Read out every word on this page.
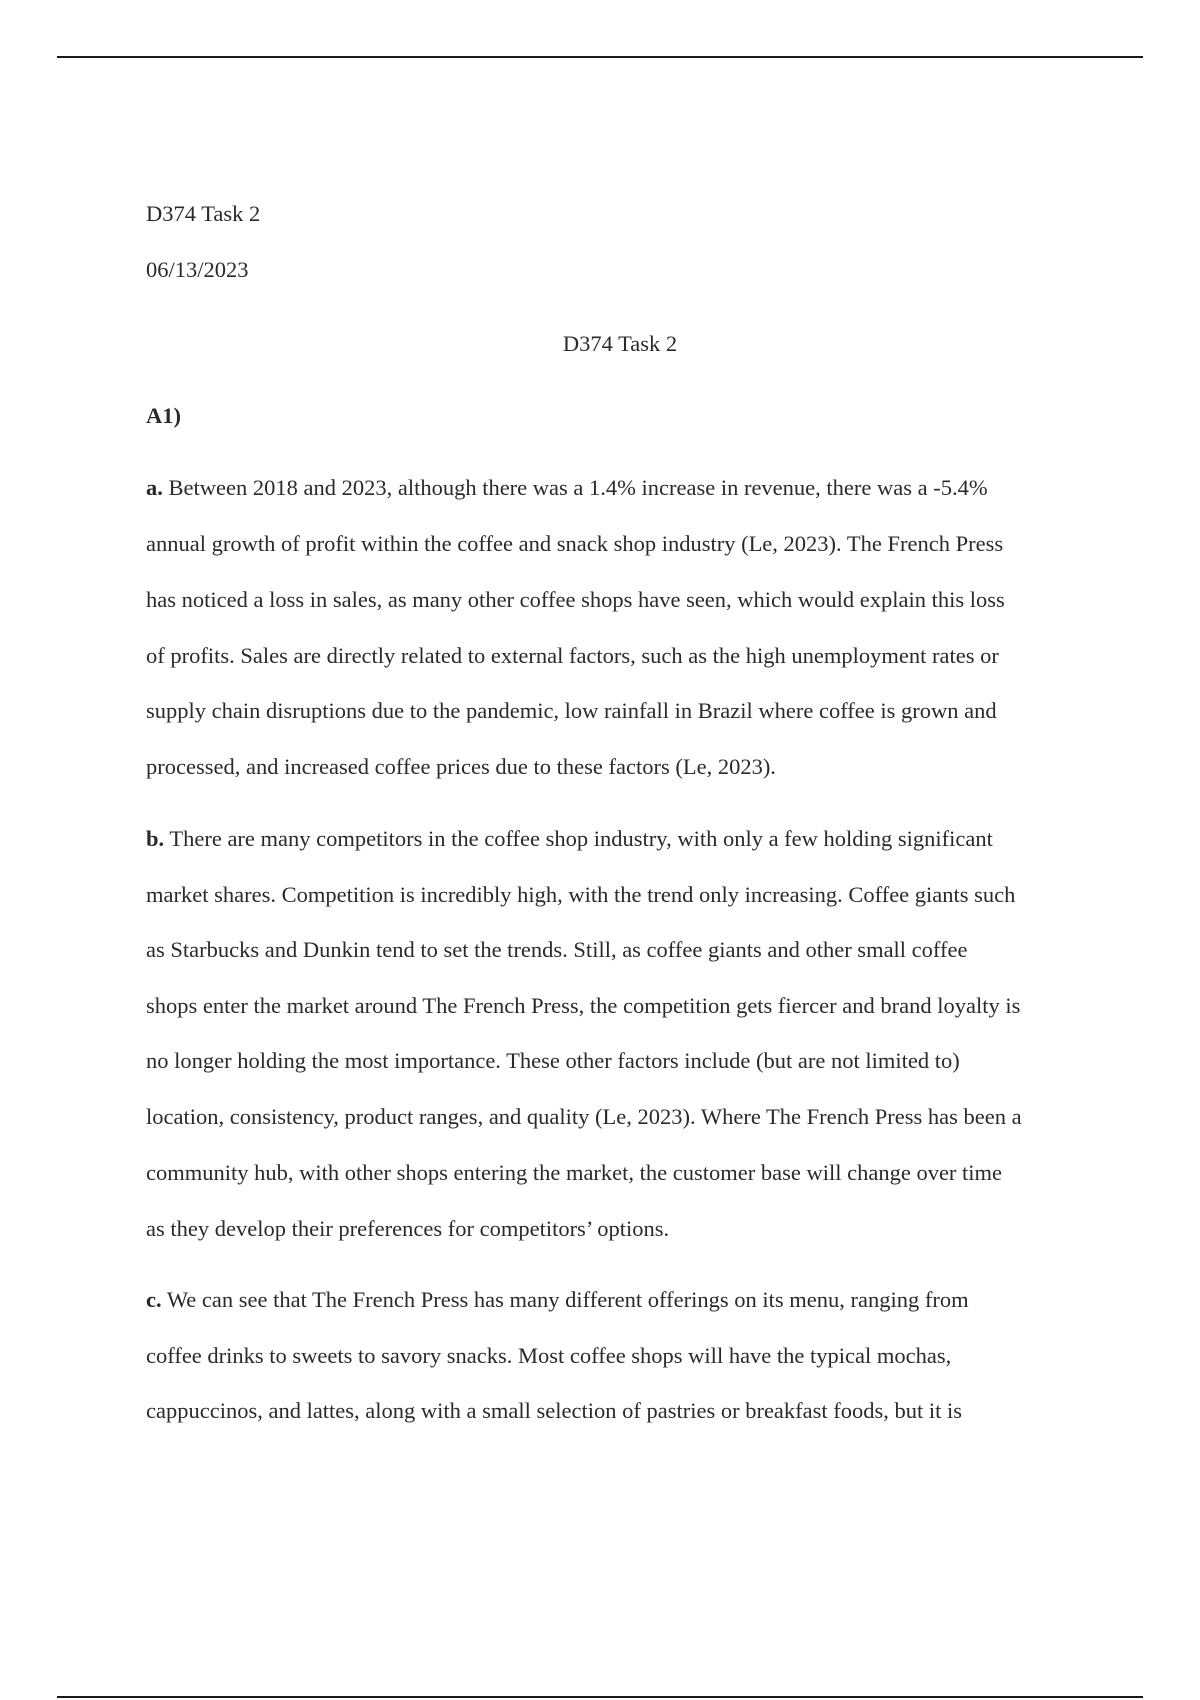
D374 Task 2
06/13/2023
D374 Task 2
A1)
a. Between 2018 and 2023, although there was a 1.4% increase in revenue, there was a -5.4%
annual growth of profit within the coffee and snack shop industry (Le, 2023). The French Press
has noticed a loss in sales, as many other coffee shops have seen, which would explain this loss
of profits. Sales are directly related to external factors, such as the high unemployment rates or
supply chain disruptions due to the pandemic, low rainfall in Brazil where coffee is grown and
processed, and increased coffee prices due to these factors (Le, 2023).
b. There are many competitors in the coffee shop industry, with only a few holding significant
market shares. Competition is incredibly high, with the trend only increasing. Coffee giants such
as Starbucks and Dunkin tend to set the trends. Still, as coffee giants and other small coffee
shops enter the market around The French Press, the competition gets fiercer and brand loyalty is
no longer holding the most importance. These other factors include (but are not limited to)
location, consistency, product ranges, and quality (Le, 2023). Where The French Press has been a
community hub, with other shops entering the market, the customer base will change over time
as they develop their preferences for competitors’ options.
c. We can see that The French Press has many different offerings on its menu, ranging from
coffee drinks to sweets to savory snacks. Most coffee shops will have the typical mochas,
cappuccinos, and lattes, along with a small selection of pastries or breakfast foods, but it is
